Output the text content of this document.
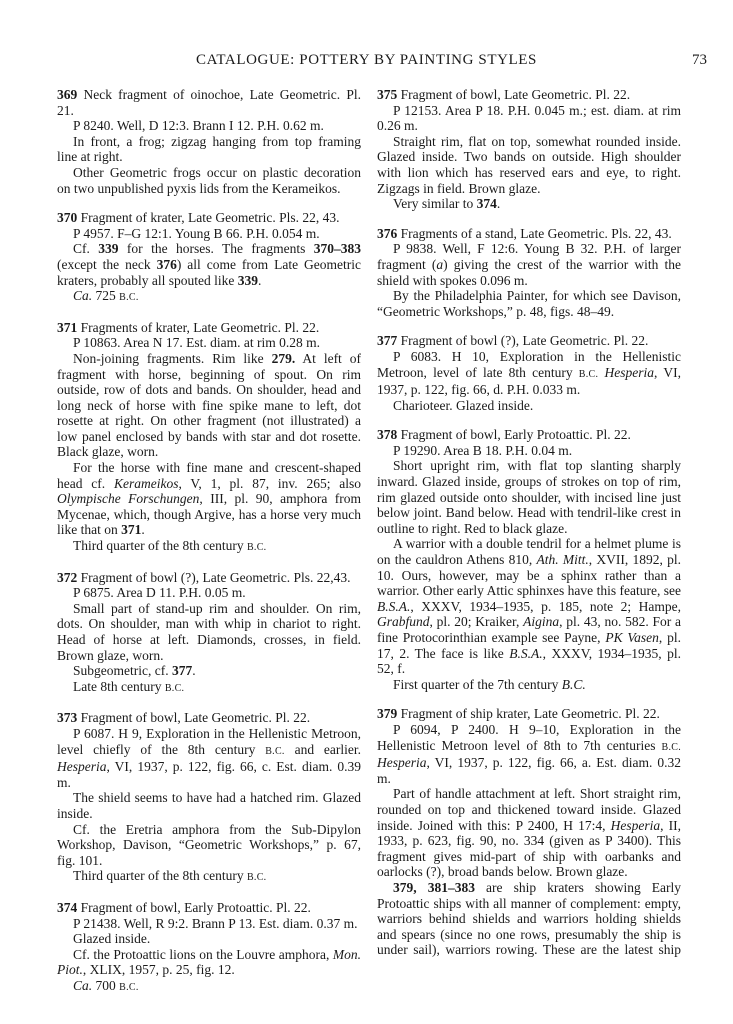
CATALOGUE: POTTERY BY PAINTING STYLES	73

369 Neck fragment of oinochoe, Late Geometric. Pl. 21.

P 8240. Well, D 12:3. Brann I 12. P.H. 0.62 m.

In front, a frog; zigzag hanging from top framing line at right.

Other Geometric frogs occur on plastic decoration on two unpublished pyxis lids from the Kerameikos.

370 Fragment of krater, Late Geometric. Pls. 22, 43.

P 4957. F–G 12:1. Young B 66. P.H. 0.054 m.

Cf. 339 for the horses. The fragments 370–383 (except the neck 376) all come from Late Geometric kraters, probably all spouted like 339.

Ca. 725 B.C.

371 Fragments of krater, Late Geometric. Pl. 22.

P 10863. Area N 17. Est. diam. at rim 0.28 m.

Non-joining fragments. Rim like 279. At left of fragment with horse, beginning of spout. On rim outside, row of dots and bands. On shoulder, head and long neck of horse with fine spike mane to left, dot rosette at right. On other fragment (not illustrated) a low panel enclosed by bands with star and dot rosette. Black glaze, worn.

For the horse with fine mane and crescent-shaped head cf. Kerameikos, V, 1, pl. 87, inv. 265; also Olympische Forschungen, III, pl. 90, amphora from Mycenae, which, though Argive, has a horse very much like that on 371.

Third quarter of the 8th century B.C.

372 Fragment of bowl (?), Late Geometric. Pls. 22,43.

P 6875. Area D 11. P.H. 0.05 m.

Small part of stand-up rim and shoulder. On rim, dots. On shoulder, man with whip in chariot to right. Head of horse at left. Diamonds, crosses, in field. Brown glaze, worn.

Subgeometric, cf. 377.

Late 8th century B.C.

373 Fragment of bowl, Late Geometric. Pl. 22.

P 6087. H 9, Exploration in the Hellenistic Metroon, level chiefly of the 8th century B.C. and earlier. Hesperia, VI, 1937, p. 122, fig. 66, c. Est. diam. 0.39 m.

The shield seems to have had a hatched rim. Glazed inside.

Cf. the Eretria amphora from the Sub-Dipylon Workshop, Davison, “Geometric Workshops,” p. 67, fig. 101.

Third quarter of the 8th century B.C.

374 Fragment of bowl, Early Protoattic. Pl. 22.

P 21438. Well, R 9:2. Brann P 13. Est. diam. 0.37 m.

Glazed inside.

Cf. the Protoattic lions on the Louvre amphora, Mon. Piot., XLIX, 1957, p. 25, fig. 12.

Ca. 700 B.C.

375 Fragment of bowl, Late Geometric. Pl. 22.

P 12153. Area P 18. P.H. 0.045 m.; est. diam. at rim 0.26 m.

Straight rim, flat on top, somewhat rounded inside. Glazed inside. Two bands on outside. High shoulder with lion which has reserved ears and eye, to right. Zigzags in field. Brown glaze.

Very similar to 374.

376 Fragments of a stand, Late Geometric. Pls. 22, 43.

P 9838. Well, F 12:6. Young B 32. P.H. of larger fragment (a) giving the crest of the warrior with the shield with spokes 0.096 m.

By the Philadelphia Painter, for which see Davison, “Geometric Workshops,” p. 48, figs. 48–49.

377 Fragment of bowl (?), Late Geometric. Pl. 22.

P 6083. H 10, Exploration in the Hellenistic Metroon, level of late 8th century B.C. Hesperia, VI, 1937, p. 122, fig. 66, d. P.H. 0.033 m.

Charioteer. Glazed inside.

378 Fragment of bowl, Early Protoattic. Pl. 22.

P 19290. Area B 18. P.H. 0.04 m.

Short upright rim, with flat top slanting sharply inward. Glazed inside, groups of strokes on top of rim, rim glazed outside onto shoulder, with incised line just below joint. Band below. Head with tendril-like crest in outline to right. Red to black glaze.

A warrior with a double tendril for a helmet plume is on the cauldron Athens 810, Ath. Mitt., XVII, 1892, pl. 10. Ours, however, may be a sphinx rather than a warrior. Other early Attic sphinxes have this feature, see B.S.A., XXXV, 1934–1935, p. 185, note 2; Hampe, Grabfund, pl. 20; Kraiker, Aigina, pl. 43, no. 582. For a fine Protocorinthian example see Payne, PK Vasen, pl. 17, 2. The face is like B.S.A., XXXV, 1934–1935, pl. 52, f.

First quarter of the 7th century B.C.

379 Fragment of ship krater, Late Geometric. Pl. 22.

P 6094, P 2400. H 9–10, Exploration in the Hellenistic Metroon level of 8th to 7th centuries B.C. Hesperia, VI, 1937, p. 122, fig. 66, a. Est. diam. 0.32 m.

Part of handle attachment at left. Short straight rim, rounded on top and thickened toward inside. Glazed inside. Joined with this: P 2400, H 17:4, Hesperia, II, 1933, p. 623, fig. 90, no. 334 (given as P 3400). This fragment gives mid-part of ship with oarbanks and oarlocks (?), broad bands below. Brown glaze.

379, 381–383 are ship kraters showing Early Protoattic ships with all manner of complement: empty, warriors behind shields and warriors holding shields and spears (since no one rows, presumably the ship is under sail), warriors rowing. These are the latest ship
